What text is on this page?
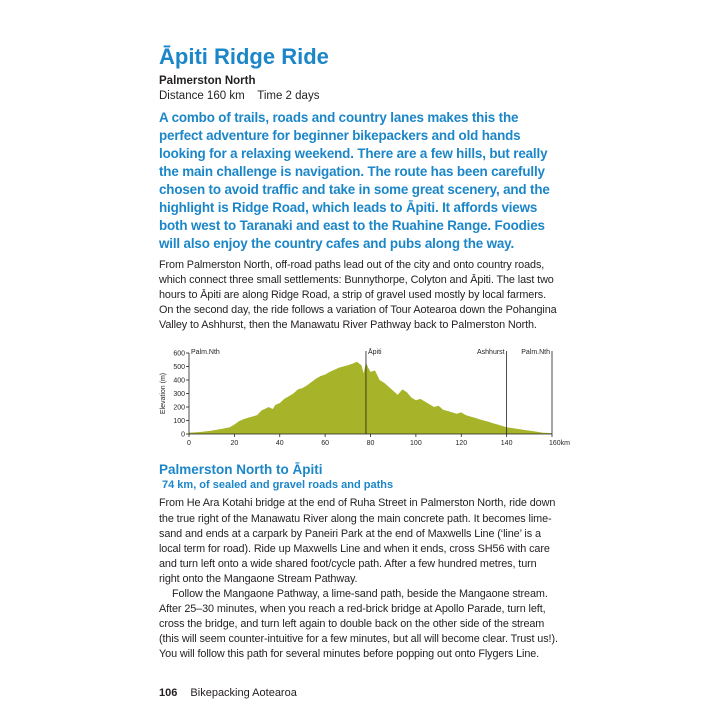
Āpiti Ridge Ride
Palmerston North
Distance 160 km Time 2 days
A combo of trails, roads and country lanes makes this the perfect adventure for beginner bikepackers and old hands looking for a relaxing weekend. There are a few hills, but really the main challenge is navigation. The route has been carefully chosen to avoid traffic and take in some great scenery, and the highlight is Ridge Road, which leads to Āpiti. It affords views both west to Taranaki and east to the Ruahine Range. Foodies will also enjoy the country cafes and pubs along the way.

From Palmerston North, off-road paths lead out of the city and onto country roads, which connect three small settlements: Bunnythorpe, Colyton and Āpiti. The last two hours to Āpiti are along Ridge Road, a strip of gravel used mostly by local farmers. On the second day, the ride follows a variation of Tour Aotearoa down the Pohangina Valley to Ashhurst, then the Manawatu River Pathway back to Palmerston North.

0
100
200
300
400
500
600
0	20	40	60	80	100	120	140	160km
Elevation (m)
Palm.Nth	Āpiti	Ashhurst Palm.Nth
Palmerston North to Āpiti
74 km, of sealed and gravel roads and paths

From He Ara Kotahi bridge at the end of Ruha Street in Palmerston North, ride down the true right of the Manawatu River along the main concrete path. It becomes lime-sand and ends at a carpark by Paneiri Park at the end of Maxwells Line (‘line’ is a local term for road). Ride up Maxwells Line and when it ends, cross SH56 with care and turn left onto a wide shared foot/cycle path. After a few hundred metres, turn right onto the Mangaone Stream Pathway.

Follow the Mangaone Pathway, a lime-sand path, beside the Mangaone stream. After 25–30 minutes, when you reach a red-brick bridge at Apollo Parade, turn left, cross the bridge, and turn left again to double back on the other side of the stream (this will seem counter-intuitive for a few minutes, but all will become clear. Trust us!). You will follow this path for several minutes before popping out onto Flygers Line.

106 Bikepacking Aotearoa
